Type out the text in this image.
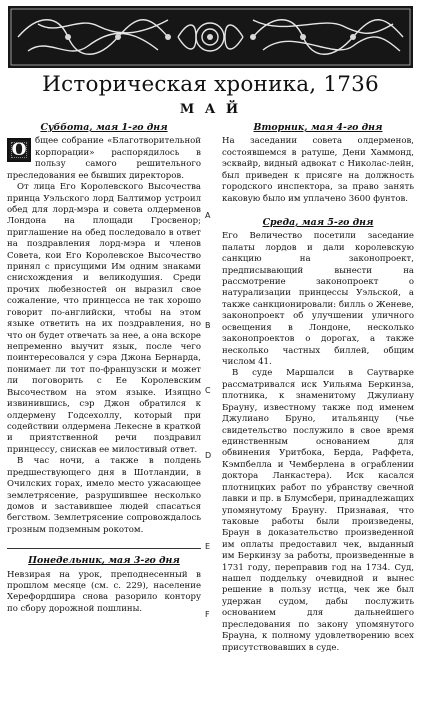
Историческая хроника, 1736
М А Й
Суббота, мая 1-го дня
О	бщее собрание «Благотворительной корпорации» распорядилось в пользу самого решительного преследования ее бывших директоров.

От лица Его Королевского Высочества принца Уэльского лорд Балтимор устроил обед для лорд-мэра и совета олдерменов Лондона на площади Гросвенор; приглашение на обед последовало в ответ на поздравления лорд-мэра и членов Совета, кои Его Королевское Высочество принял с присущими Им одним знаками снисхождения и великодушия. Среди прочих любезностей он выразил свое сожаление, что принцесса не так хорошо говорит по-английски, чтобы на этом языке ответить на их поздравления, но что он будет отвечать за нее, а она вскоре непременно выучит язык, после чего поинтересовался у сэра Джона Бернарда, понимает ли тот по-французски и может ли поговорить с Ее Королевским Высочеством на этом языке. Изящно извинившись, сэр Джон обратился к олдермену Годсехоллу, который при содействии олдермена Лекесне в краткой и приятственной речи поздравил принцессу, снискав ее милостивый ответ.

В час ночи, а также в полдень предшествующего дня в Шотландии, в Очилских горах, имело место ужасающее землетрясение, разрушившее несколько домов и заставившее людей спасаться бегством. Землетрясение сопровождалось грозным подземным рокотом.

Понедельник, мая 3-го дня

Невзирая на урок, преподнесенный в прошлом месяце (см. с. 229), население Херефордшира снова разорило контору по сбору дорожной пошлины.

A
B
C
D
E
F
Вторник, мая 4-го дня

На заседании совета олдерменов, состоявшемся в ратуше, Дени Хаммонд, эсквайр, видный адвокат с Николас-лейн, был приведен к присяге на должность городского инспектора, за право занять каковую было им уплачено 3600 фунтов.

Среда, мая 5-го дня

Его Величество посетили заседание палаты лордов и дали королевскую санкцию на законопроект, предписывающий вынести на рассмотрение законопроект о натурализации принцессы Уэльской, а также санкционировали: билль о Женеве, законопроект об улучшении уличного освещения в Лондоне, несколько законопроектов о дорогах, а также несколько частных биллей, общим числом 41.

В суде Маршалси в Саутварке рассматривался иск Уильяма Беркинза, плотника, к знаменитому Джулиану Брауну, известному также под именем Джулиано Бруно, итальянцу (чье свидетельство послужило в свое время единственным основанием для обвинения Уритбока, Берда, Раффета, Кэмпбелла и Чемберлена в ограблении доктора Ланкастера). Иск касался плотницких работ по убранству свечной лавки и пр. в Блумсбери, принадлежащих упомянутому Брауну. Признавая, что таковые работы были произведены, Браун в доказательство произведенной им оплаты предоставил чек, выданный им Беркинзу за работы, произведенные в 1731 году, переправив год на 1734. Суд, нашел поддельку очевидной и вынес решение в пользу истца, чек же был удержан судом, дабы послужить основанием для дальнейшего преследования по закону упомянутого Брауна, к полному удовлетворению всех присутствовавших в суде.
